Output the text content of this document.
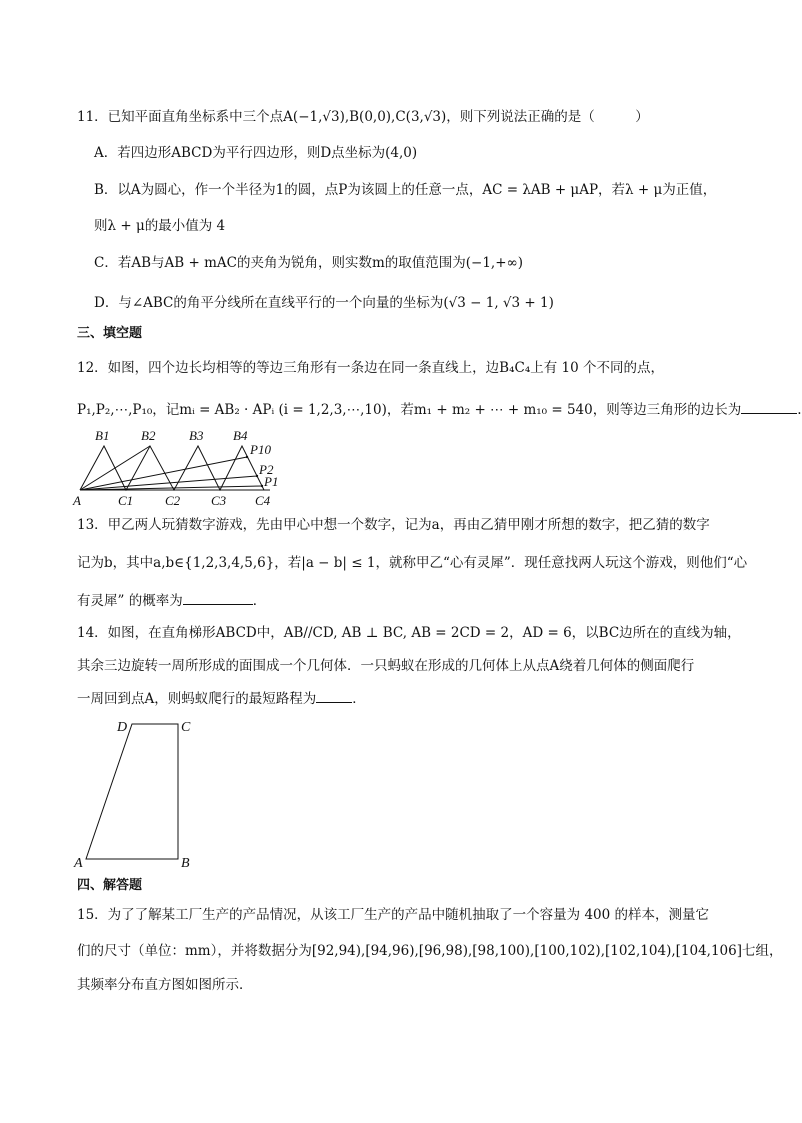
11．已知平面直角坐标系中三个点A(−1,√3),B(0,0),C(3,√3)，则下列说法正确的是（　　　）
A．若四边形ABCD为平行四边形，则D点坐标为(4,0)
B．以A为圆心，作一个半径为1的圆，点P为该圆上的任意一点，AC = λAB + μAP，若λ + μ为正值，
则λ + μ的最小值为 4
C．若AB与AB + mAC的夹角为锐角，则实数m的取值范围为(−1,+∞)
D．与∠ABC的角平分线所在直线平行的一个向量的坐标为(√3 − 1, √3 + 1)
三、填空题
12．如图，四个边长均相等的等边三角形有一条边在同一条直线上，边B₄C₄上有 10 个不同的点，
P₁,P₂,⋯,P₁₀，记mᵢ = AB₂ · APᵢ (i = 1,2,3,⋯,10)，若m₁ + m₂ + ⋯ + m₁₀ = 540，则等边三角形的边长为	.
B1 B2	B3 B4
A	C1 C2 C3 C4
P10
P2
P1
13．甲乙两人玩猜数字游戏，先由甲心中想一个数字，记为a，再由乙猜甲刚才所想的数字，把乙猜的数字
记为b，其中a,b∈{1,2,3,4,5,6}，若|a − b| ≤ 1，就称甲乙“心有灵犀”．现任意找两人玩这个游戏，则他们“心
有灵犀” 的概率为	．
14．如图，在直角梯形ABCD中，AB//CD, AB ⊥ BC, AB = 2CD = 2，AD = 6，以BC边所在的直线为轴，
其余三边旋转一周所形成的面围成一个几何体．一只蚂蚁在形成的几何体上从点A绕着几何体的侧面爬行
一周回到点A，则蚂蚁爬行的最短路程为	．
D	C
A	B
四、解答题
15．为了了解某工厂生产的产品情况，从该工厂生产的产品中随机抽取了一个容量为 400 的样本，测量它
们的尺寸（单位：mm），并将数据分为[92,94),[94,96),[96,98),[98,100),[100,102),[102,104),[104,106]七组，
其频率分布直方图如图所示．
